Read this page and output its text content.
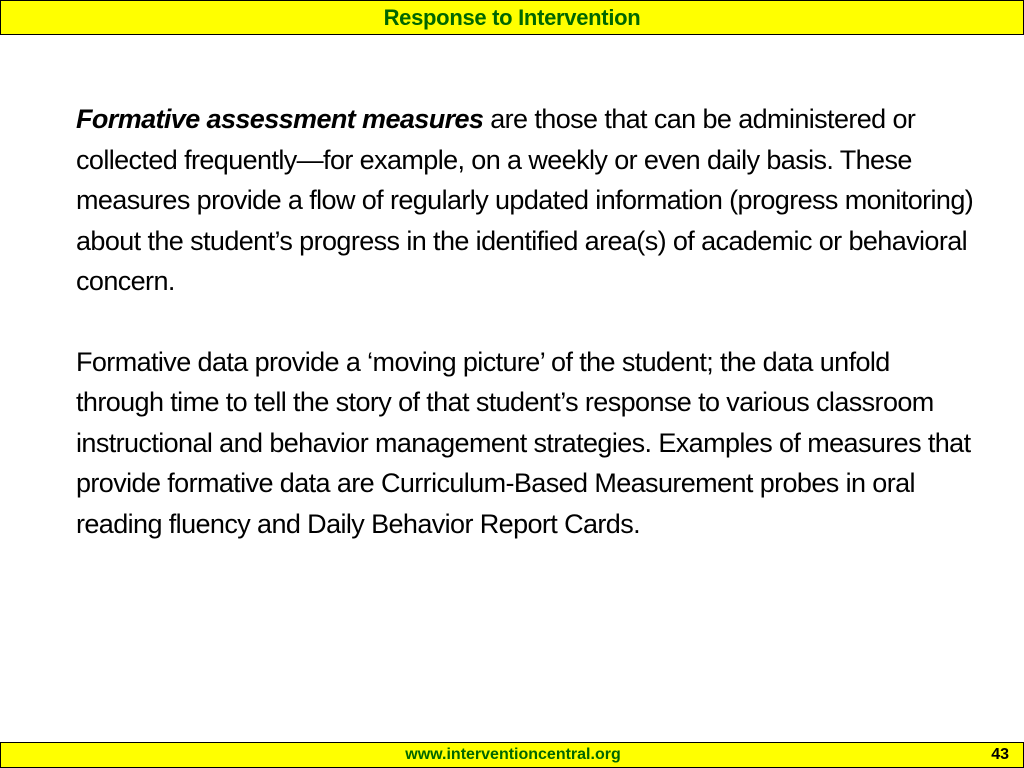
Response to Intervention

Formative assessment measures are those that can be administered or collected frequently—for example, on a weekly or even daily basis. These measures provide a flow of regularly updated information (progress monitoring) about the student’s progress in the identified area(s) of academic or behavioral concern.

Formative data provide a ‘moving picture’ of the student; the data unfold through time to tell the story of that student’s response to various classroom instructional and behavior management strategies. Examples of measures that provide formative data are Curriculum-Based Measurement probes in oral reading fluency and Daily Behavior Report Cards.

www.interventioncentral.org	43
